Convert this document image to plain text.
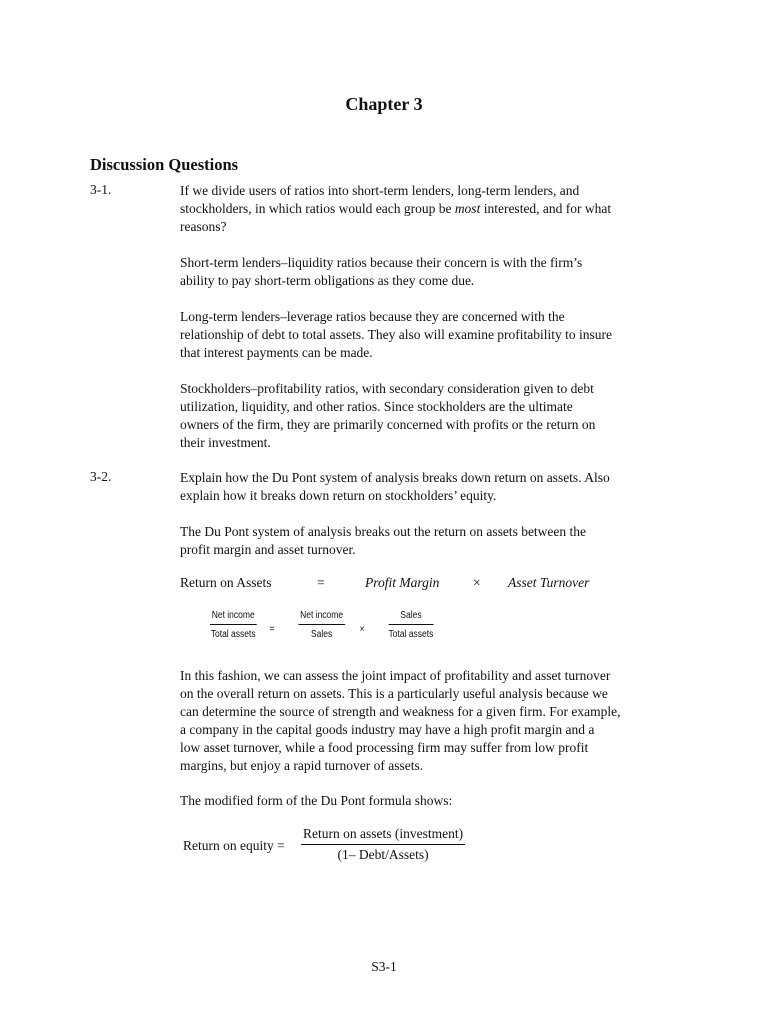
Chapter 3
Discussion Questions
3-1.	If we divide users of ratios into short-term lenders, long-term lenders, and
stockholders, in which ratios would each group be most interested, and for what
reasons?

Short-term lenders–liquidity ratios because their concern is with the firm’s
ability to pay short-term obligations as they come due.

Long-term lenders–leverage ratios because they are concerned with the
relationship of debt to total assets. They also will examine profitability to insure
that interest payments can be made.

Stockholders–profitability ratios, with secondary consideration given to debt
utilization, liquidity, and other ratios. Since stockholders are the ultimate
owners of the firm, they are primarily concerned with profits or the return on
their investment.

3-2.	Explain how the Du Pont system of analysis breaks down return on assets. Also
explain how it breaks down return on stockholders’ equity.

The Du Pont system of analysis breaks out the return on assets between the
profit margin and asset turnover.

Return on Assets	=	Profit Margin × Asset Turnover
Net income
Total assets =
Net income
Sales	×
Sales
Total assets

In this fashion, we can assess the joint impact of profitability and asset turnover
on the overall return on assets. This is a particularly useful analysis because we
can determine the source of strength and weakness for a given firm. For example,
a company in the capital goods industry may have a high profit margin and a
low asset turnover, while a food processing firm may suffer from low profit
margins, but enjoy a rapid turnover of assets.

The modified form of the Du Pont formula shows:

Return on equity =
Return on assets (investment)
(1– Debt/Assets)
S3-1
